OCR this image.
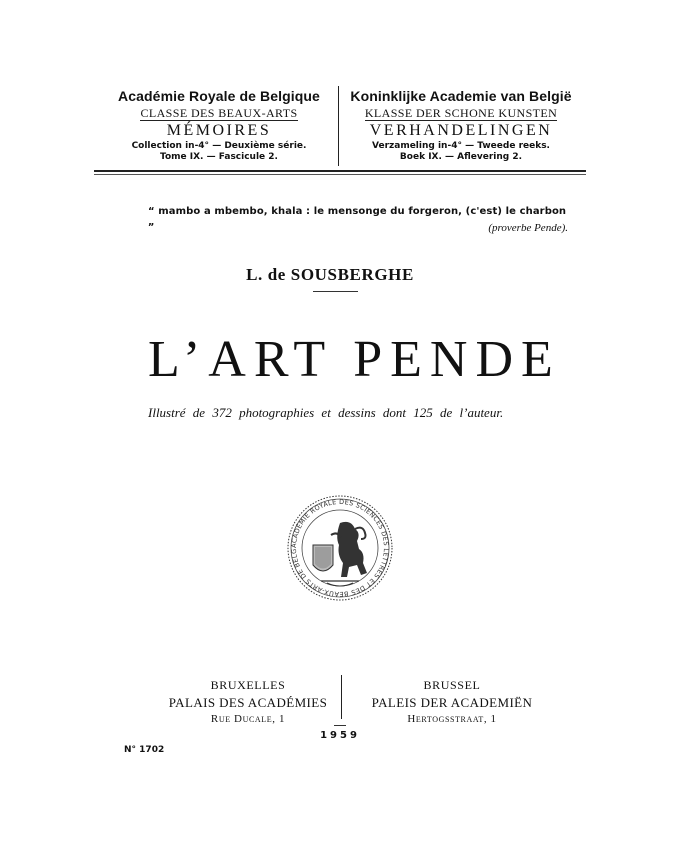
Académie Royale de Belgique
CLASSE DES BEAUX-ARTS
MÉMOIRES
Collection in-4° — Deuxième série.
Tome IX. — Fascicule 2.
Koninklijke Academie van België
KLASSE DER SCHONE KUNSTEN
VERHANDELINGEN
Verzameling in-4° — Tweede reeks.
Boek IX. — Aflevering 2.
“ mambo a mbembo, khala : le mensonge du forgeron, (c'est) le charbon „	(proverbe Pende).
L. de SOUSBERGHE
L’ART PENDE
Illustré de 372 photographies et dessins dont 125 de l’auteur.
ACADÉMIE ROYALE DES SCIENCES DES LETTRES ET DES BEAUX-ARTS DE BELG
BRUXELLES
PALAIS DES ACADÉMIES
Rue Ducale, 1
BRUSSEL
PALEIS DER ACADEMIËN
Hertogsstraat, 1
1959
N° 1702
